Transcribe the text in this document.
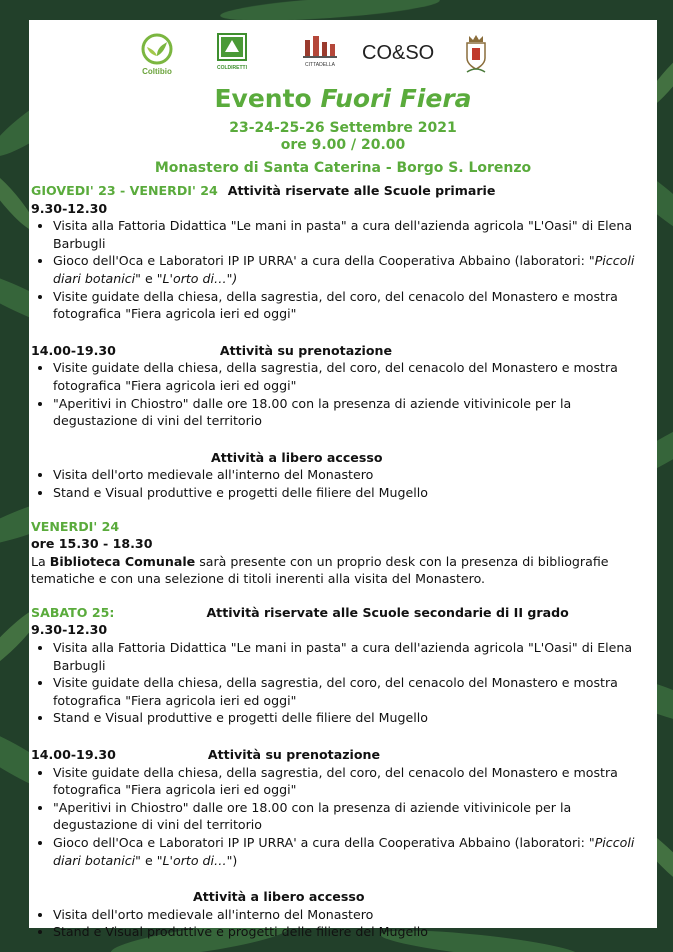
Coltibio	COLDIRETTI	CITTADELLA
CO&SO
Evento Fuori Fiera
23-24-25-26 Settembre 2021
ore 9.00 / 20.00
Monastero di Santa Caterina - Borgo S. Lorenzo
GIOVEDI' 23 - VENERDI' 24 Attività riservate alle Scuole primarie
9.30-12.30
• Visita alla Fattoria Didattica "Le mani in pasta" a cura dell'azienda agricola "L'Oasi" di Elena Barbugli
• Gioco dell'Oca e Laboratori IP IP URRA' a cura della Cooperativa Abbaino (laboratori: "Piccoli diari botanici" e "L'orto di…")
• Visite guidate della chiesa, della sagrestia, del coro, del cenacolo del Monastero e mostra fotografica "Fiera agricola ieri ed oggi"
14.00-19.30	Attività su prenotazione
• Visite guidate della chiesa, della sagrestia, del coro, del cenacolo del Monastero e mostra fotografica "Fiera agricola ieri ed oggi"
• "Aperitivi in Chiostro" dalle ore 18.00 con la presenza di aziende vitivinicole per la degustazione di vini del territorio
Attività a libero accesso
• Visita dell'orto medievale all'interno del Monastero
• Stand e Visual produttive e progetti delle filiere del Mugello
VENERDI' 24
ore 15.30 - 18.30
La Biblioteca Comunale sarà presente con un proprio desk con la presenza di bibliografie tematiche e con una selezione di titoli inerenti alla visita del Monastero.
SABATO 25:	Attività riservate alle Scuole secondarie di II grado
9.30-12.30
• Visita alla Fattoria Didattica "Le mani in pasta" a cura dell'azienda agricola "L'Oasi" di Elena Barbugli
• Visite guidate della chiesa, della sagrestia, del coro, del cenacolo del Monastero e mostra fotografica "Fiera agricola ieri ed oggi"
• Stand e Visual produttive e progetti delle filiere del Mugello
14.00-19.30	Attività su prenotazione
• Visite guidate della chiesa, della sagrestia, del coro, del cenacolo del Monastero e mostra fotografica "Fiera agricola ieri ed oggi"
• "Aperitivi in Chiostro" dalle ore 18.00 con la presenza di aziende vitivinicole per la degustazione di vini del territorio
• Gioco dell'Oca e Laboratori IP IP URRA' a cura della Cooperativa Abbaino (laboratori: "Piccoli diari botanici" e "L'orto di…")
Attività a libero accesso
• Visita dell'orto medievale all'interno del Monastero
• Stand e Visual produttive e progetti delle filiere del Mugello
